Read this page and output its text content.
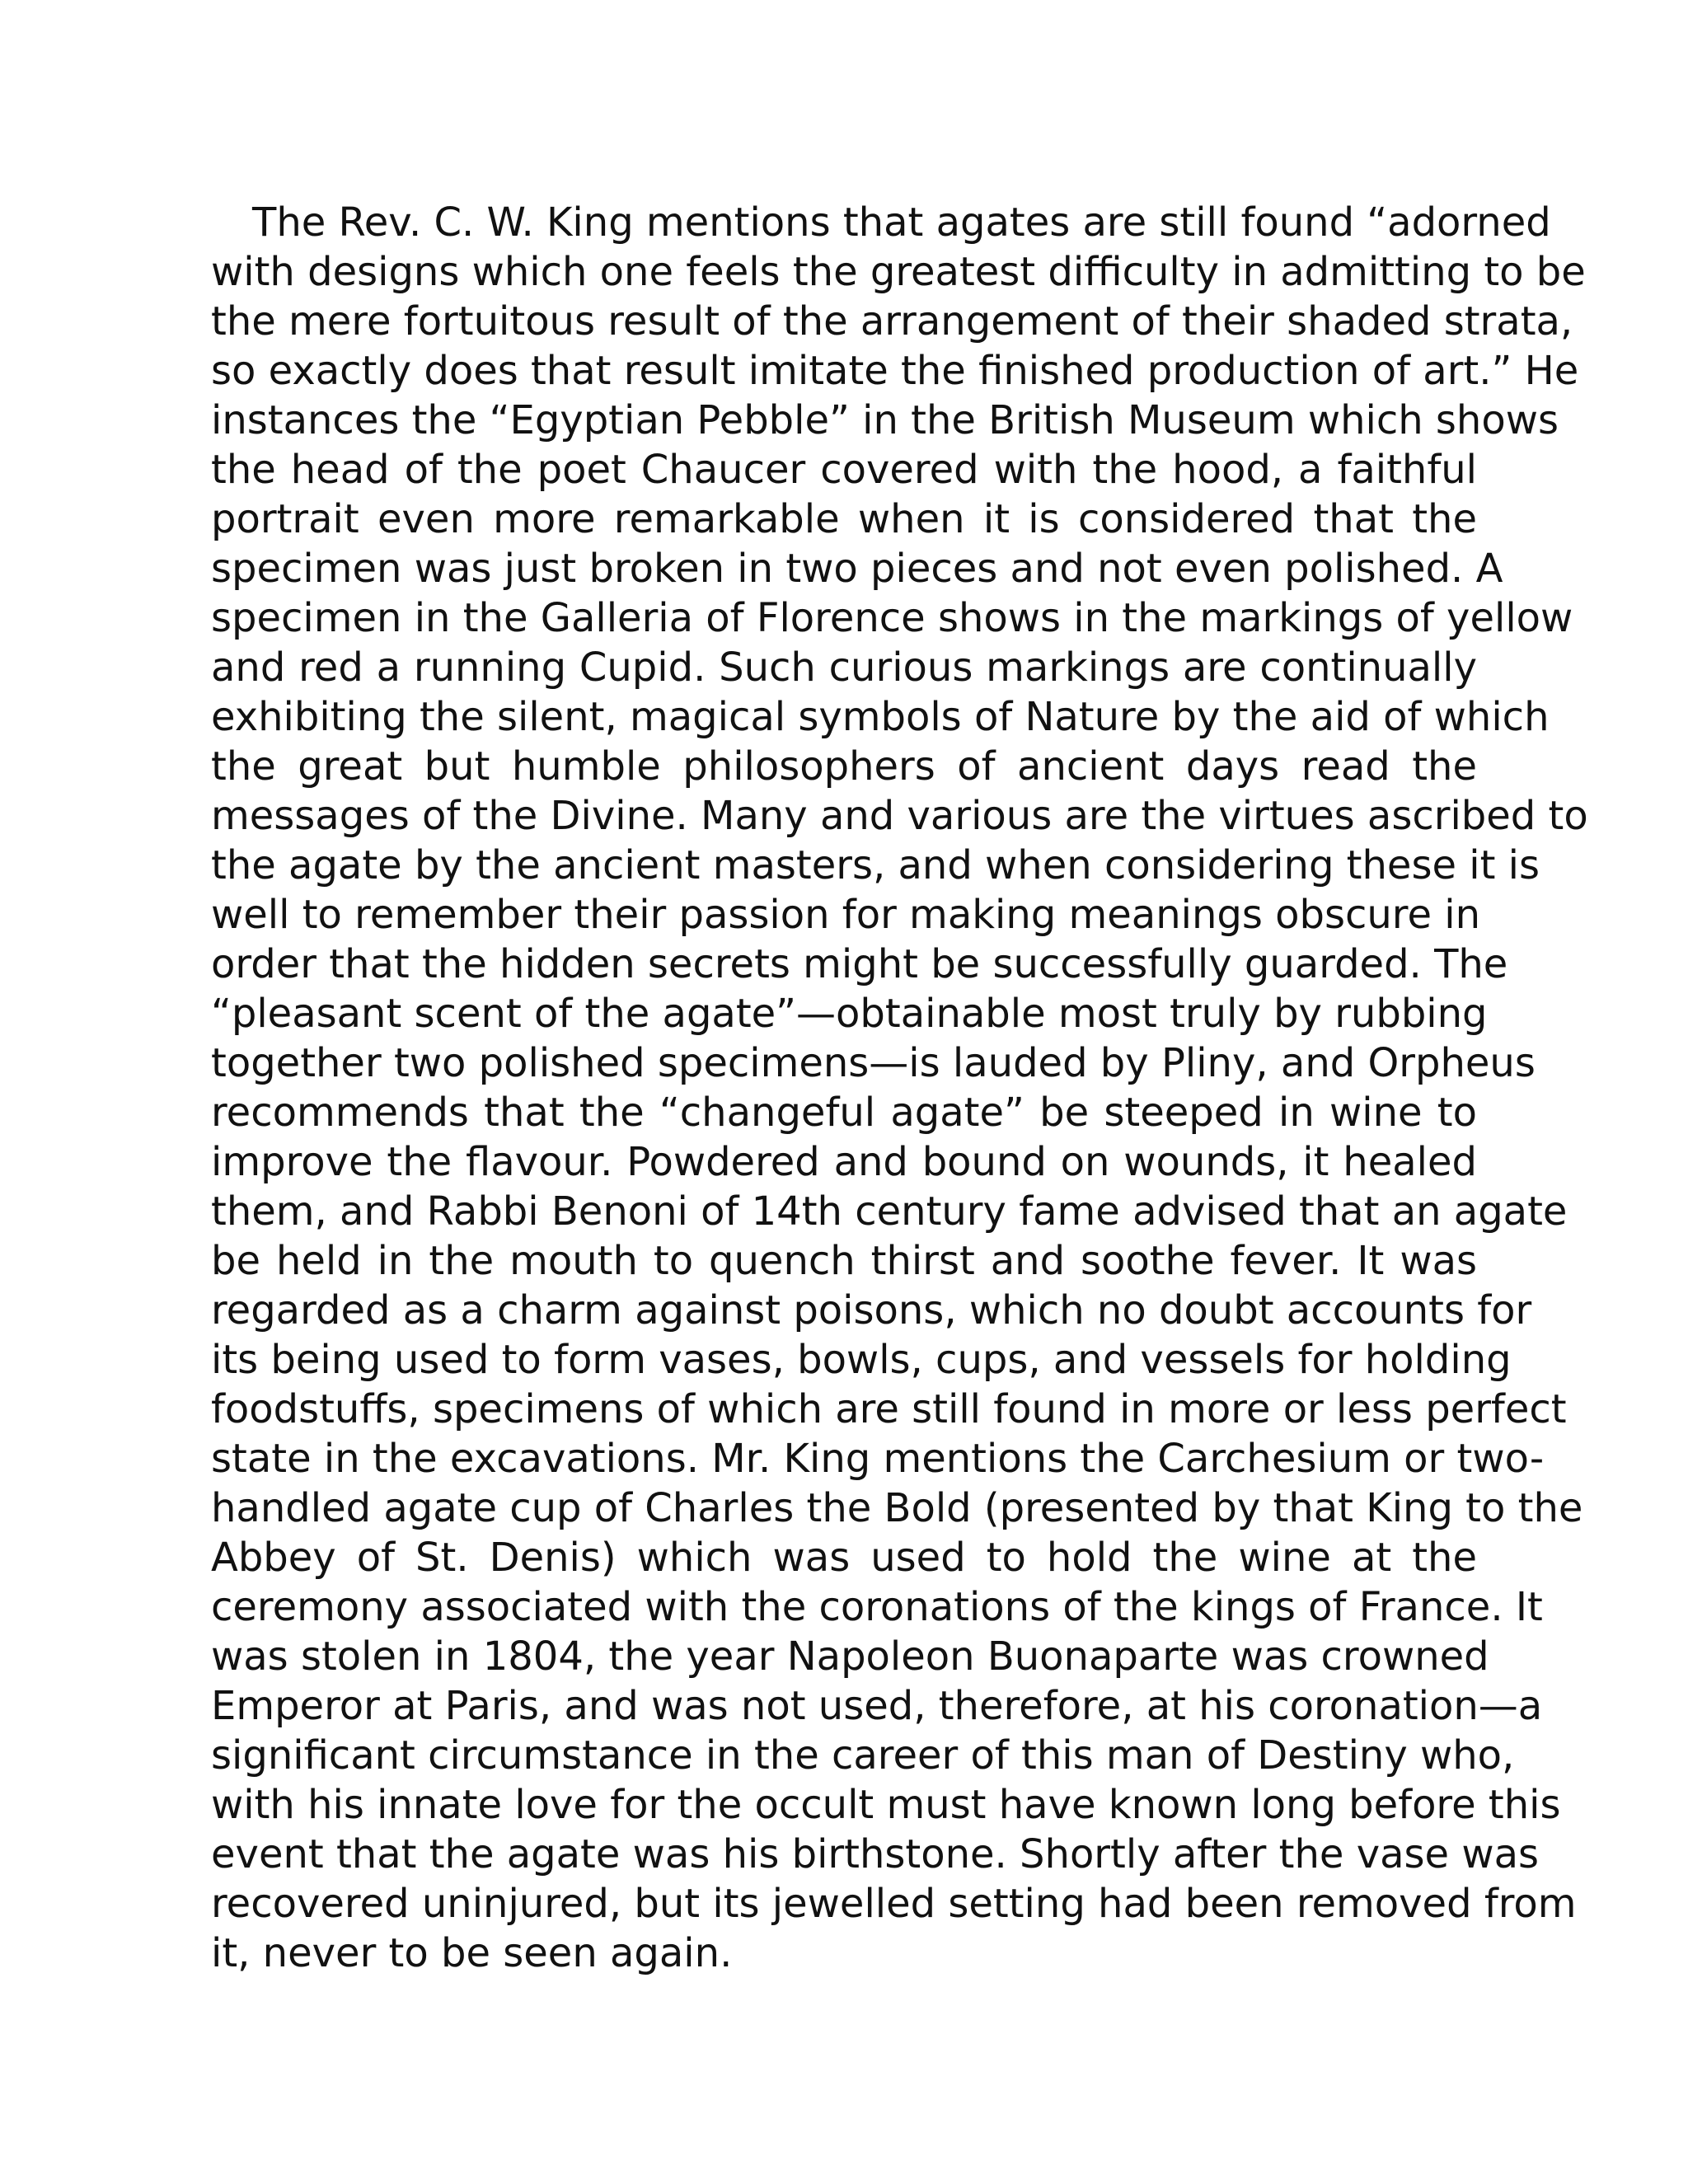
The Rev. C. W. King mentions that agates are still found “adorned
with designs which one feels the greatest difficulty in admitting to be
the mere fortuitous result of the arrangement of their shaded strata,
so exactly does that result imitate the finished production of art.” He
instances the “Egyptian Pebble” in the British Museum which shows
the head of the poet Chaucer covered with the hood, a faithful
portrait even more remarkable when it is considered that the
specimen was just broken in two pieces and not even polished. A
specimen in the Galleria of Florence shows in the markings of yellow
and red a running Cupid. Such curious markings are continually
exhibiting the silent, magical symbols of Nature by the aid of which
the great but humble philosophers of ancient days read the
messages of the Divine. Many and various are the virtues ascribed to
the agate by the ancient masters, and when considering these it is
well to remember their passion for making meanings obscure in
order that the hidden secrets might be successfully guarded. The
“pleasant scent of the agate”—obtainable most truly by rubbing
together two polished specimens—is lauded by Pliny, and Orpheus
recommends that the “changeful agate” be steeped in wine to
improve the flavour. Powdered and bound on wounds, it healed
them, and Rabbi Benoni of 14th century fame advised that an agate
be held in the mouth to quench thirst and soothe fever. It was
regarded as a charm against poisons, which no doubt accounts for
its being used to form vases, bowls, cups, and vessels for holding
foodstuffs, specimens of which are still found in more or less perfect
state in the excavations. Mr. King mentions the Carchesium or two-
handled agate cup of Charles the Bold (presented by that King to the
Abbey of St. Denis) which was used to hold the wine at the
ceremony associated with the coronations of the kings of France. It
was stolen in 1804, the year Napoleon Buonaparte was crowned
Emperor at Paris, and was not used, therefore, at his coronation—a
significant circumstance in the career of this man of Destiny who,
with his innate love for the occult must have known long before this
event that the agate was his birthstone. Shortly after the vase was
recovered uninjured, but its jewelled setting had been removed from
it, never to be seen again.
